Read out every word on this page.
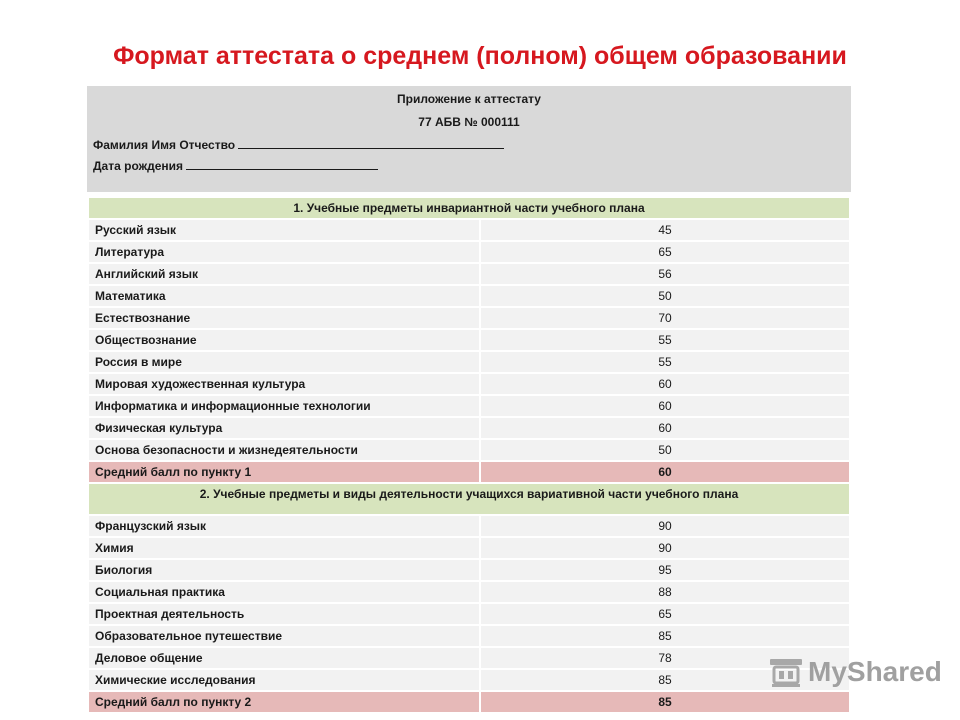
Формат аттестата о среднем (полном) общем образовании
Приложение к аттестату
77 АБВ № 000111
Фамилия Имя Отчество
Дата рождения
1. Учебные предметы инвариантной части учебного плана	
Русский язык	45
Литература	65
Английский язык	56
Математика	50
Естествознание	70
Обществознание	55
Россия в мире	55
Мировая художественная культура	60
Информатика и информационные технологии	60
Физическая культура	60
Основа безопасности и жизнедеятельности	50
Средний балл по пункту 1	60
2. Учебные предметы и виды деятельности учащихся вариативной части учебного плана	
Французский язык	90
Химия	90
Биология	95
Социальная практика	88
Проектная деятельность	65
Образовательное путешествие	85
Деловое общение	78
Химические исследования	85
Средний балл по пункту 2	85
MyShared
